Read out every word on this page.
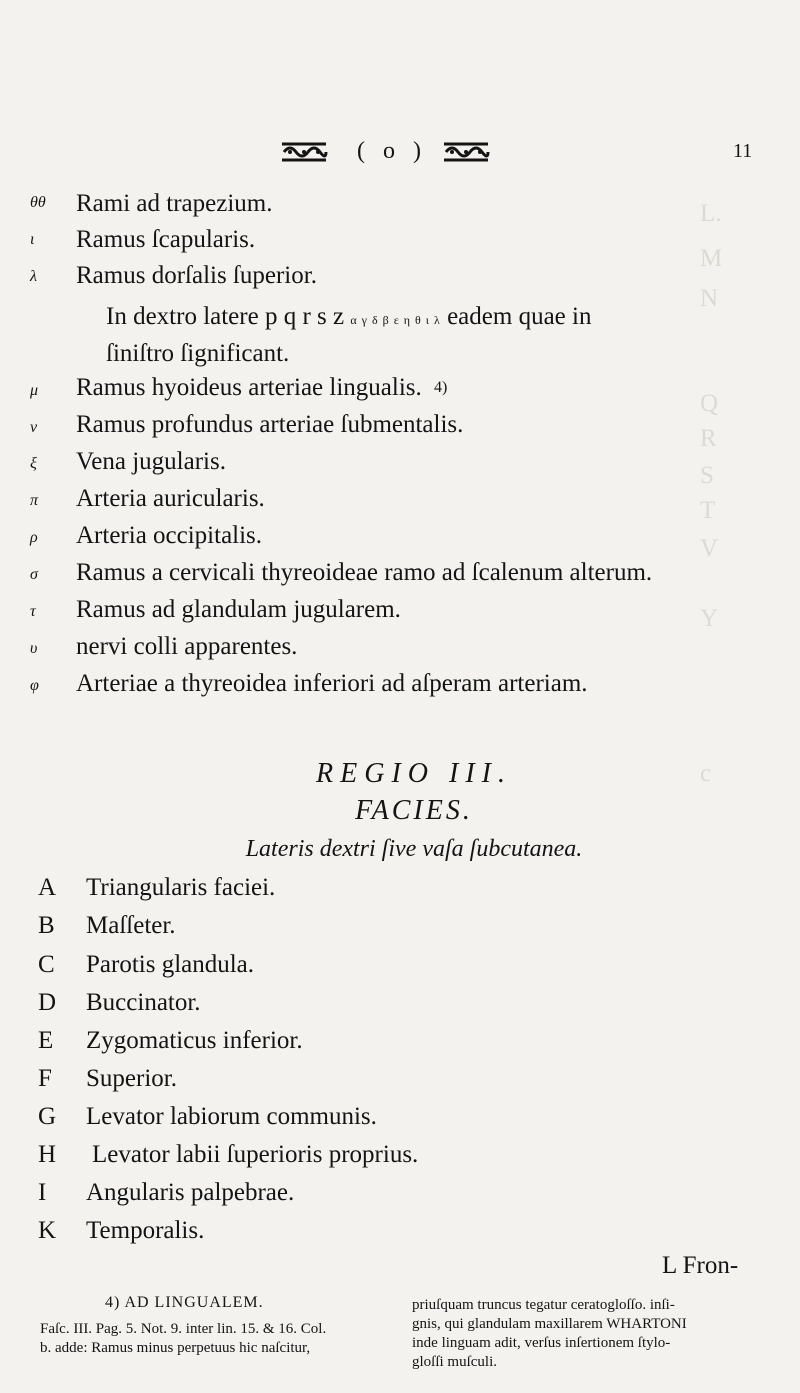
L.
M
N
Q
R
S
T
V
Y
c
( o )	11
θθ Rami ad trapezium.
ι Ramus ſcapularis.
λ Ramus dorſalis ſuperior.
In dextro latere p q r s z α γ δ β ε η θ ι λ eadem quae in
ſiniſtro ſignificant.
μ Ramus hyoideus arteriae lingualis. 4)
ν Ramus profundus arteriae ſubmentalis.
ξ Vena jugularis.
π Arteria auricularis.
ρ Arteria occipitalis.
σ Ramus a cervicali thyreoideae ramo ad ſcalenum alterum.
τ Ramus ad glandulam jugularem.
υ nervi colli apparentes.
φ Arteriae a thyreoidea inferiori ad aſperam arteriam.
REGIO III.
FACIES.
Lateris dextri ſive vaſa ſubcutanea.
A Triangularis faciei.
B Maſſeter.
C Parotis glandula.
D Buccinator.
E Zygomaticus inferior.
F Superior.
G Levator labiorum communis.
H Levator labii ſuperioris proprius.
I Angularis palpebrae.
K Temporalis.
L Fron-
4) AD LINGUALEM.
Faſc. III. Pag. 5. Not. 9. inter lin. 15. & 16. Col.
b. adde: Ramus minus perpetuus hic naſcitur,
priuſquam truncus tegatur ceratogloſſo. inſi-
gnis, qui glandulam maxillarem WHARTONI
inde linguam adit, verſus inſertionem ſtylo-
gloſſi muſculi.
